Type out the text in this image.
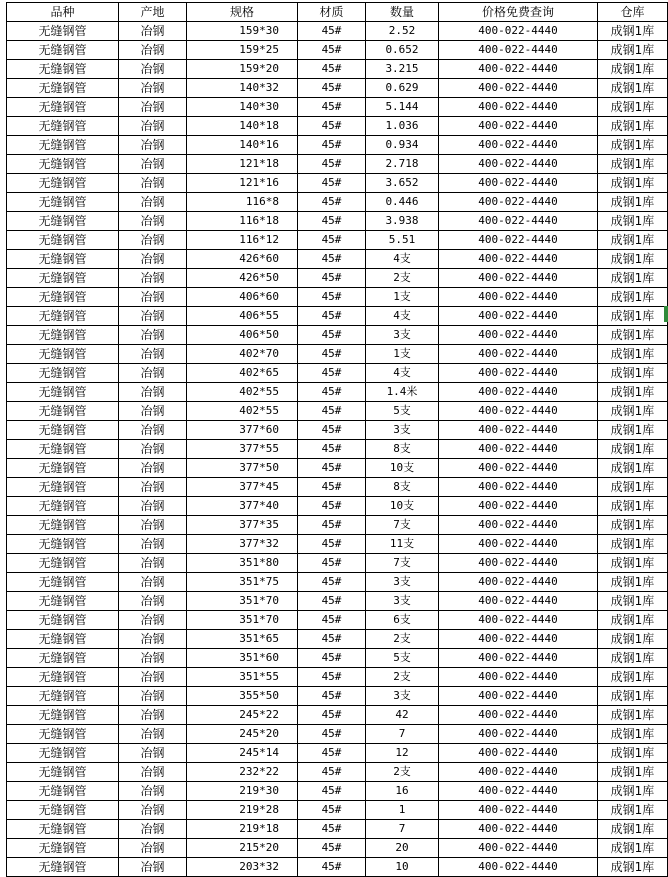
品种	产地	规格	材质	数量	价格免费查询	仓库
无缝钢管	冶钢	159*30	45#	2.52	400-022-4440	成钢1库
无缝钢管	冶钢	159*25	45#	0.652	400-022-4440	成钢1库
无缝钢管	冶钢	159*20	45#	3.215	400-022-4440	成钢1库
无缝钢管	冶钢	140*32	45#	0.629	400-022-4440	成钢1库
无缝钢管	冶钢	140*30	45#	5.144	400-022-4440	成钢1库
无缝钢管	冶钢	140*18	45#	1.036	400-022-4440	成钢1库
无缝钢管	冶钢	140*16	45#	0.934	400-022-4440	成钢1库
无缝钢管	冶钢	121*18	45#	2.718	400-022-4440	成钢1库
无缝钢管	冶钢	121*16	45#	3.652	400-022-4440	成钢1库
无缝钢管	冶钢	116*8	45#	0.446	400-022-4440	成钢1库
无缝钢管	冶钢	116*18	45#	3.938	400-022-4440	成钢1库
无缝钢管	冶钢	116*12	45#	5.51	400-022-4440	成钢1库
无缝钢管	冶钢	426*60	45#	4支	400-022-4440	成钢1库
无缝钢管	冶钢	426*50	45#	2支	400-022-4440	成钢1库
无缝钢管	冶钢	406*60	45#	1支	400-022-4440	成钢1库
无缝钢管	冶钢	406*55	45#	4支	400-022-4440	成钢1库
无缝钢管	冶钢	406*50	45#	3支	400-022-4440	成钢1库
无缝钢管	冶钢	402*70	45#	1支	400-022-4440	成钢1库
无缝钢管	冶钢	402*65	45#	4支	400-022-4440	成钢1库
无缝钢管	冶钢	402*55	45#	1.4米	400-022-4440	成钢1库
无缝钢管	冶钢	402*55	45#	5支	400-022-4440	成钢1库
无缝钢管	冶钢	377*60	45#	3支	400-022-4440	成钢1库
无缝钢管	冶钢	377*55	45#	8支	400-022-4440	成钢1库
无缝钢管	冶钢	377*50	45#	10支	400-022-4440	成钢1库
无缝钢管	冶钢	377*45	45#	8支	400-022-4440	成钢1库
无缝钢管	冶钢	377*40	45#	10支	400-022-4440	成钢1库
无缝钢管	冶钢	377*35	45#	7支	400-022-4440	成钢1库
无缝钢管	冶钢	377*32	45#	11支	400-022-4440	成钢1库
无缝钢管	冶钢	351*80	45#	7支	400-022-4440	成钢1库
无缝钢管	冶钢	351*75	45#	3支	400-022-4440	成钢1库
无缝钢管	冶钢	351*70	45#	3支	400-022-4440	成钢1库
无缝钢管	冶钢	351*70	45#	6支	400-022-4440	成钢1库
无缝钢管	冶钢	351*65	45#	2支	400-022-4440	成钢1库
无缝钢管	冶钢	351*60	45#	5支	400-022-4440	成钢1库
无缝钢管	冶钢	351*55	45#	2支	400-022-4440	成钢1库
无缝钢管	冶钢	355*50	45#	3支	400-022-4440	成钢1库
无缝钢管	冶钢	245*22	45#	42	400-022-4440	成钢1库
无缝钢管	冶钢	245*20	45#	7	400-022-4440	成钢1库
无缝钢管	冶钢	245*14	45#	12	400-022-4440	成钢1库
无缝钢管	冶钢	232*22	45#	2支	400-022-4440	成钢1库
无缝钢管	冶钢	219*30	45#	16	400-022-4440	成钢1库
无缝钢管	冶钢	219*28	45#	1	400-022-4440	成钢1库
无缝钢管	冶钢	219*18	45#	7	400-022-4440	成钢1库
无缝钢管	冶钢	215*20	45#	20	400-022-4440	成钢1库
无缝钢管	冶钢	203*32	45#	10	400-022-4440	成钢1库
